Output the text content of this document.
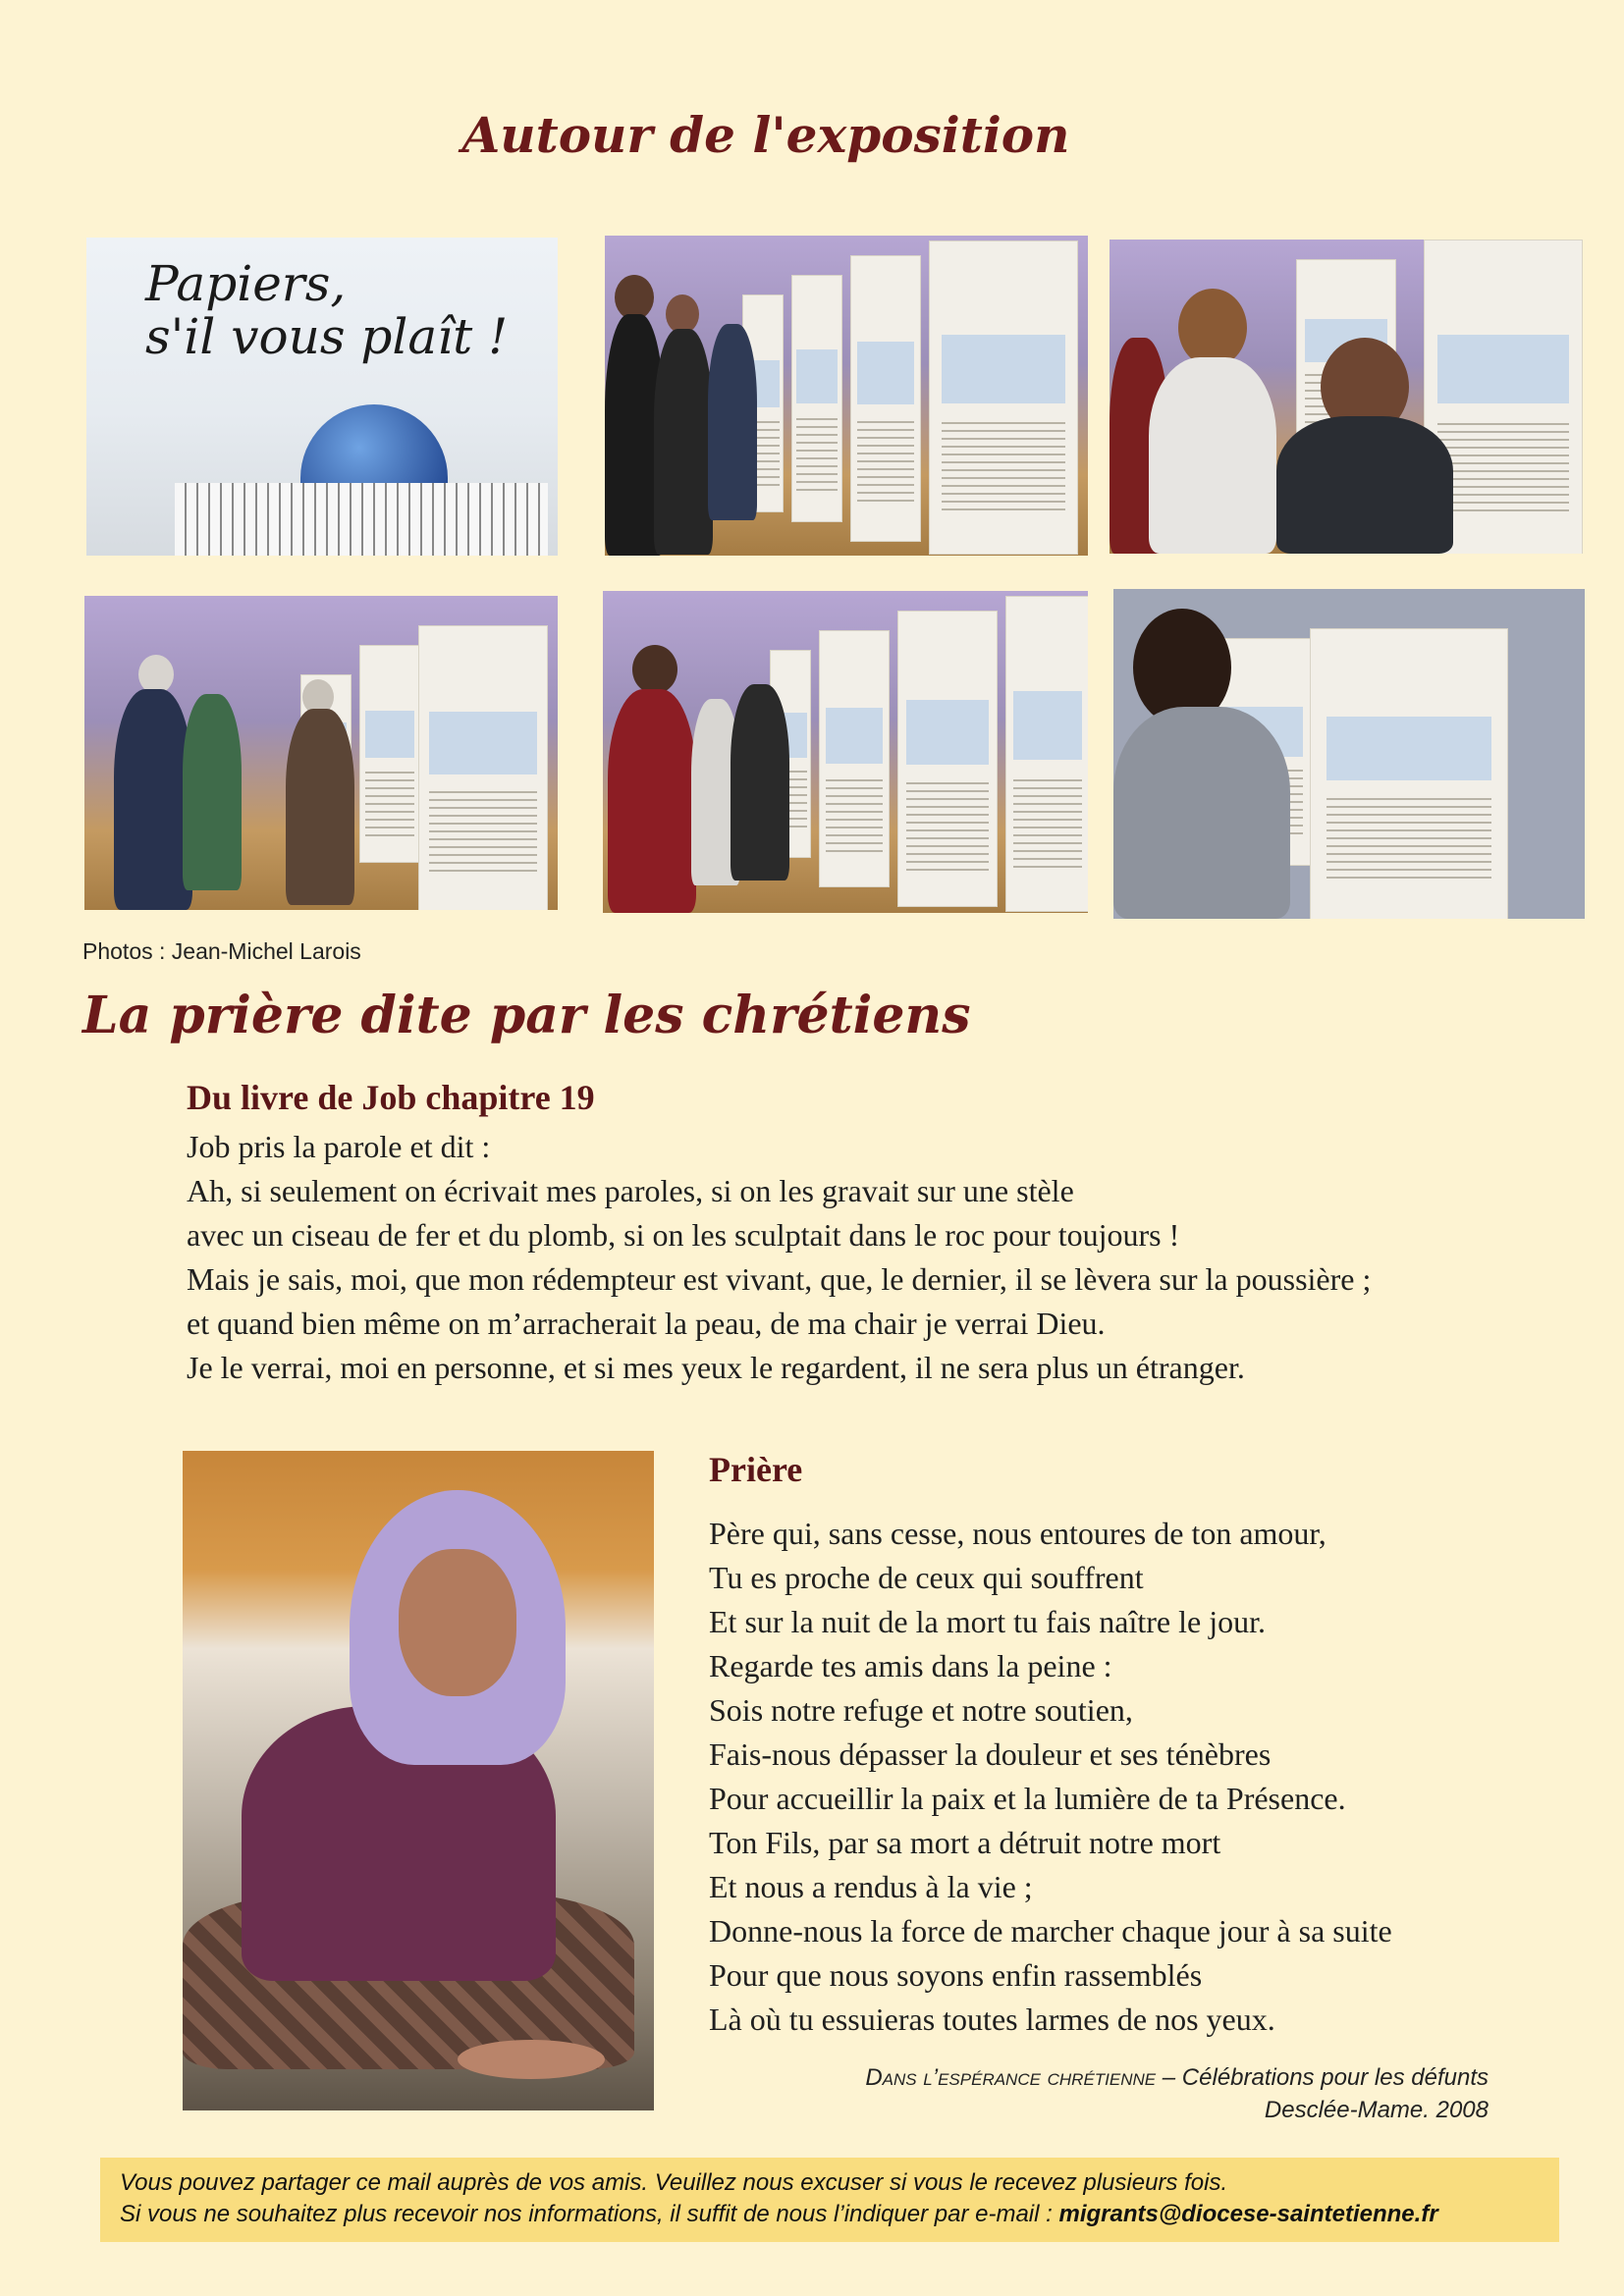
Autour de l'exposition
Papiers,
s'il vous plaît !
Photos : Jean-Michel Larois
La prière dite par les chrétiens
Du livre de Job chapitre 19
Job pris la parole et dit :
Ah, si seulement on écrivait mes paroles, si on les gravait sur une stèle
avec un ciseau de fer et du plomb, si on les sculptait dans le roc pour toujours !
Mais je sais, moi, que mon rédempteur est vivant, que, le dernier, il se lèvera sur la poussière ;
et quand bien même on m’arracherait la peau, de ma chair je verrai Dieu.
Je le verrai, moi en personne, et si mes yeux le regardent, il ne sera plus un étranger.
Prière
Père qui, sans cesse, nous entoures de ton amour,
Tu es proche de ceux qui souffrent
Et sur la nuit de la mort tu fais naître le jour.
Regarde tes amis dans la peine :
Sois notre refuge et notre soutien,
Fais-nous dépasser la douleur et ses ténèbres
Pour accueillir la paix et la lumière de ta Présence.
Ton Fils, par sa mort a détruit notre mort
Et nous a rendus à la vie ;
Donne-nous la force de marcher chaque jour à sa suite
Pour que nous soyons enfin rassemblés
Là où tu essuieras toutes larmes de nos yeux.
Dans l’espérance chrétienne – Célébrations pour les défunts
Desclée-Mame. 2008
Vous pouvez partager ce mail auprès de vos amis. Veuillez nous excuser si vous le recevez plusieurs fois.
Si vous ne souhaitez plus recevoir nos informations, il suffit de nous l’indiquer par e-mail : migrants@diocese-saintetienne.fr
